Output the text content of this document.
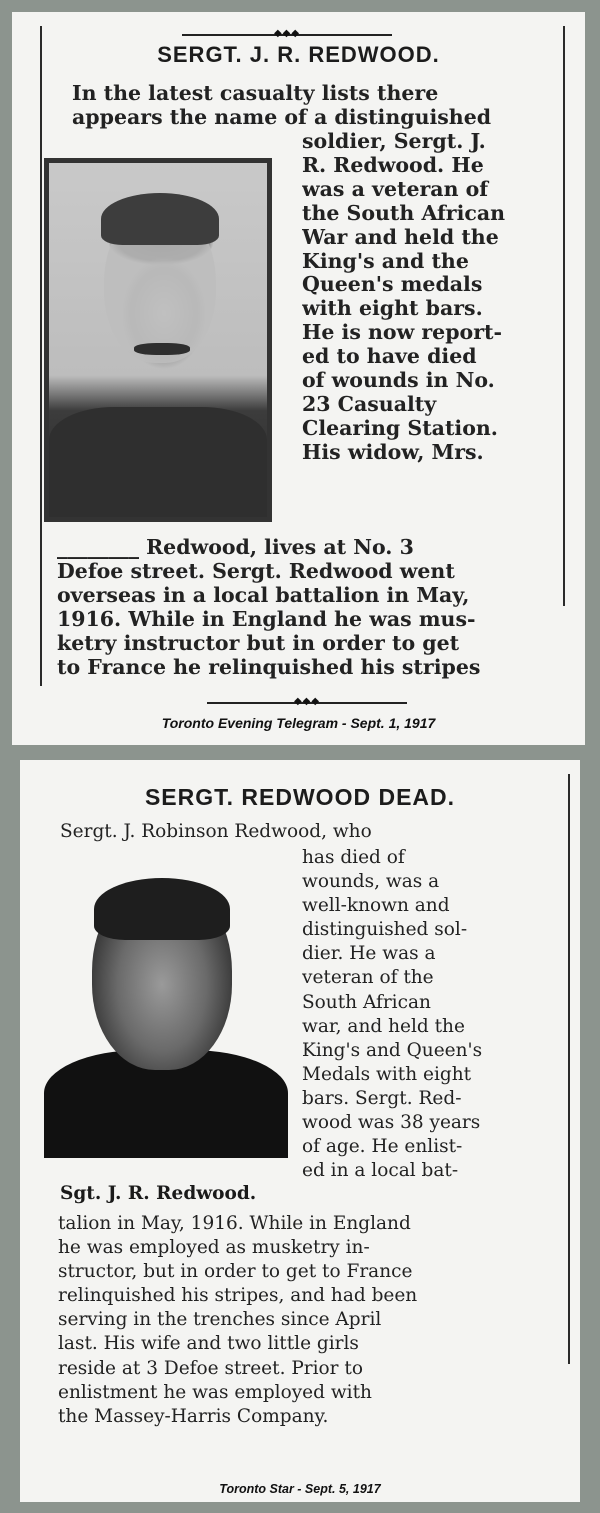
◆◆◆
SERGT. J. R. REDWOOD.
In the latest casualty lists there
appears the name of a distinguished
soldier, Sergt. J.
R. Redwood. He
was a veteran of
the South African
War and held the
King's and the
Queen's medals
with eight bars.
He is now report-
ed to have died
of wounds in No.
23 Casualty
Clearing Station.
His widow, Mrs.
________ Redwood, lives at No. 3
Defoe street. Sergt. Redwood went
overseas in a local battalion in May,
1916. While in England he was mus-
ketry instructor but in order to get
to France he relinquished his stripes
◆◆◆
Toronto Evening Telegram - Sept. 1, 1917
SERGT. REDWOOD DEAD.
Sergt. J. Robinson Redwood, who
has died of
wounds, was a
well-known and
distinguished sol-
dier. He was a
veteran of the
South African
war, and held the
King's and Queen's
Medals with eight
bars. Sergt. Red-
wood was 38 years
of age. He enlist-
ed in a local bat-
Sgt. J. R. Redwood.
talion in May, 1916. While in England
he was employed as musketry in-
structor, but in order to get to France
relinquished his stripes, and had been
serving in the trenches since April
last. His wife and two little girls
reside at 3 Defoe street. Prior to
enlistment he was employed with
the Massey-Harris Company.
Toronto Star - Sept. 5, 1917
